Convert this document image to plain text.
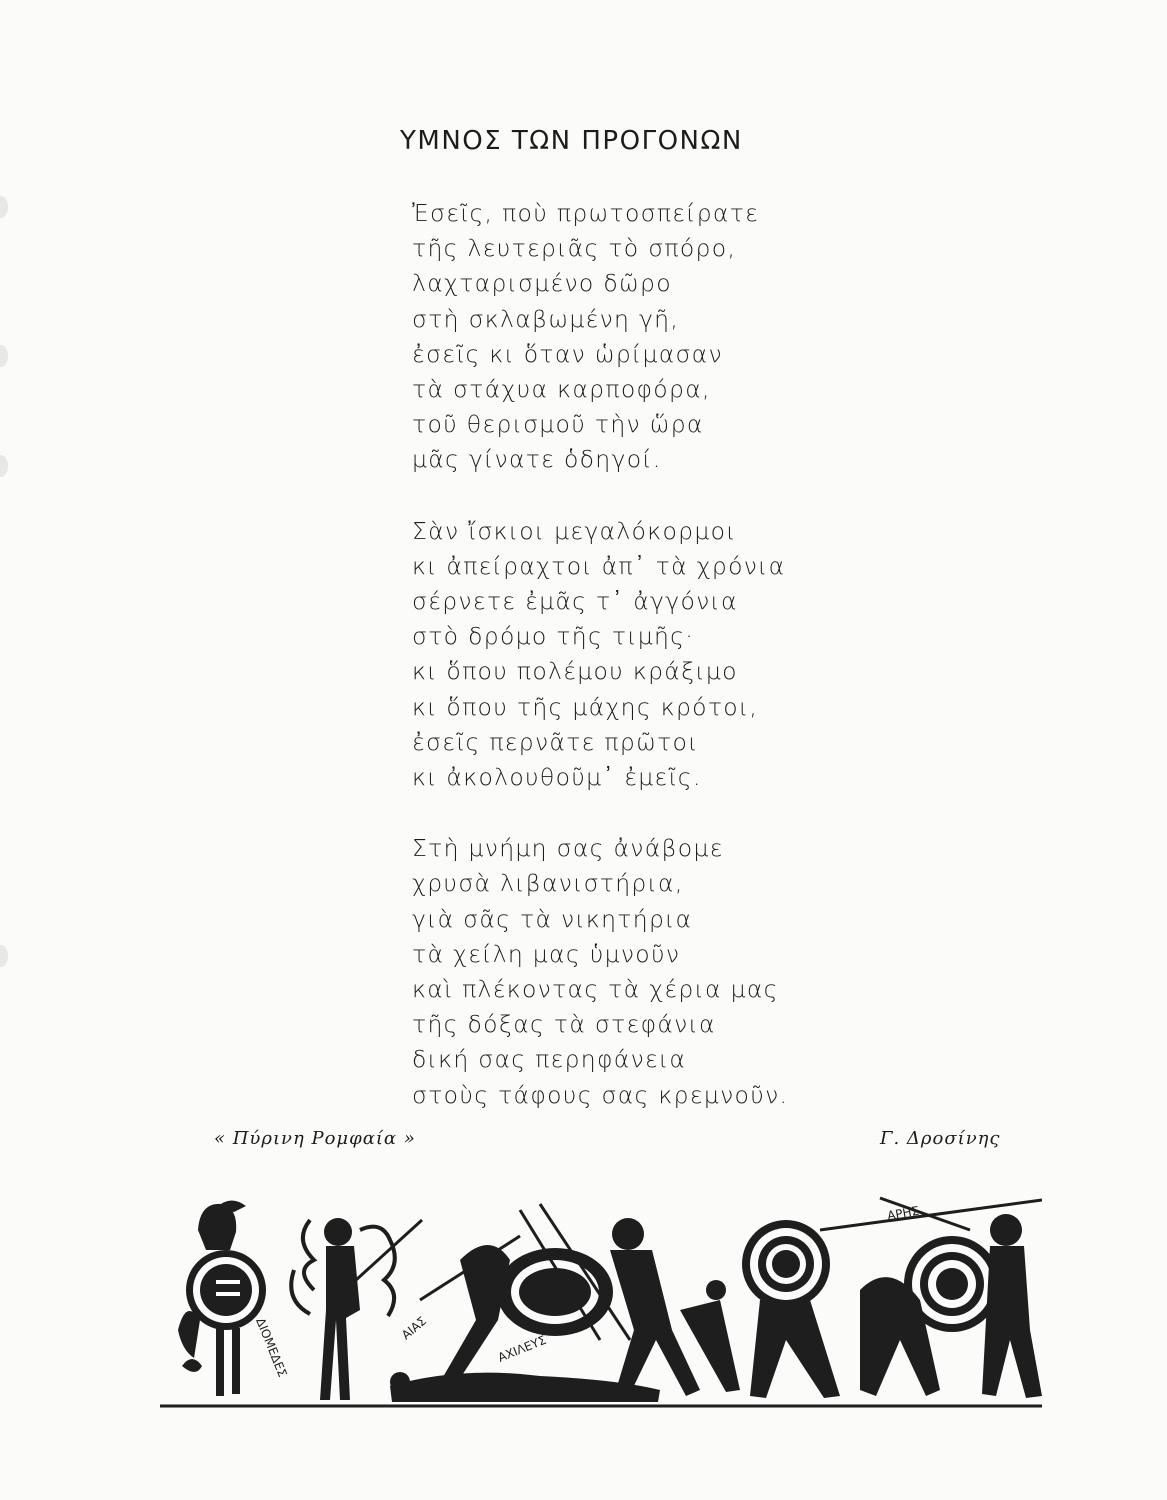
ΥΜΝΟΣ ΤΩΝ ΠΡΟΓΟΝΩΝ
Ἐσεῖς, ποὺ πρωτοσπείρατε
τῆς λευτεριᾶς τὸ σπόρο,
λαχταρισμένο δῶρο
στὴ σκλαβωμένη γῆ,
ἐσεῖς κι ὅταν ὡρίμασαν
τὰ στάχυα καρποφόρα,
τοῦ θερισμοῦ τὴν ὥρα
μᾶς γίνατε ὁδηγοί.
Σὰν ἴσκιοι μεγαλόκορμοι
κι ἀπείραχτοι ἀπ᾽ τὰ χρόνια
σέρνετε ἐμᾶς τ᾽ ἀγγόνια
στὸ δρόμο τῆς τιμῆς·
κι ὅπου πολέμου κράξιμο
κι ὅπου τῆς μάχης κρότοι,
ἐσεῖς περνᾶτε πρῶτοι
κι ἀκολουθοῦμ᾽ ἐμεῖς.
Στὴ μνήμη σας ἀνάβομε
χρυσὰ λιβανιστήρια,
γιὰ σᾶς τὰ νικητήρια
τὰ χείλη μας ὑμνοῦν
καὶ πλέκοντας τὰ χέρια μας
τῆς δόξας τὰ στεφάνια
δική σας περηφάνεια
στοὺς τάφους σας κρεμνοῦν.
« Πύρινη Ρομφαία »	Γ. Δροσίνης
ΔΙΟΜΕΔΕΣ	ΑΙΑΣ
ΑΧΙΛΕΥΣ	ΙΚΑ
ΑΡΗΣ
